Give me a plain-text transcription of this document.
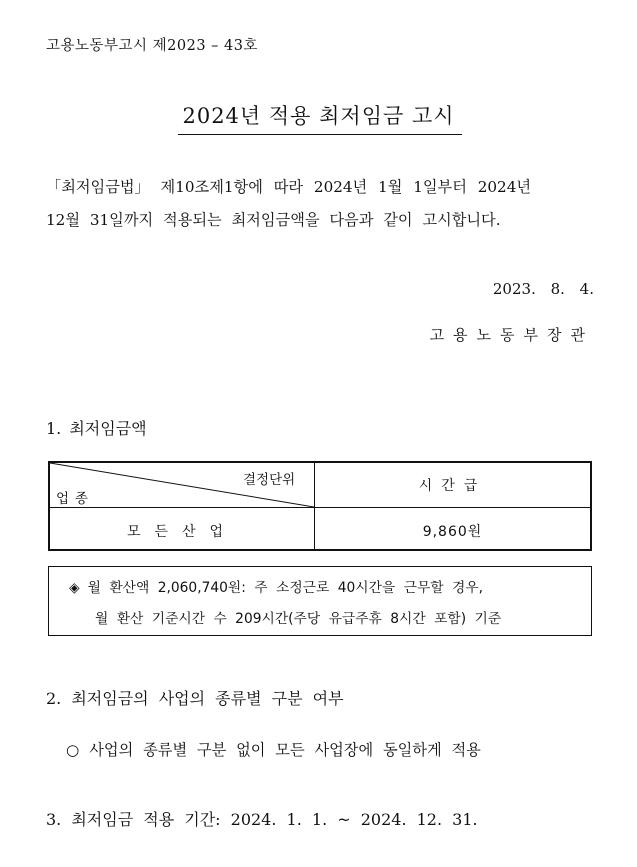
고용노동부고시 제2023 – 43호
2024년 적용 최저임금 고시
「최저임금법」 제10조제1항에 따라 2024년 1월 1일부터 2024년
12월 31일까지 적용되는 최저임금액을 다음과 같이 고시합니다.
2023. 8. 4.
고용노동부장관
1. 최저임금액
결정단위
업종
시간급
모든산업	9,860원
◈ 월 환산액 2,060,740원: 주 소정근로 40시간을 근무할 경우,
월 환산 기준시간 수 209시간(주당 유급주휴 8시간 포함) 기준
2. 최저임금의 사업의 종류별 구분 여부
○ 사업의 종류별 구분 없이 모든 사업장에 동일하게 적용
3. 최저임금 적용 기간: 2024. 1. 1. ~ 2024. 12. 31.
